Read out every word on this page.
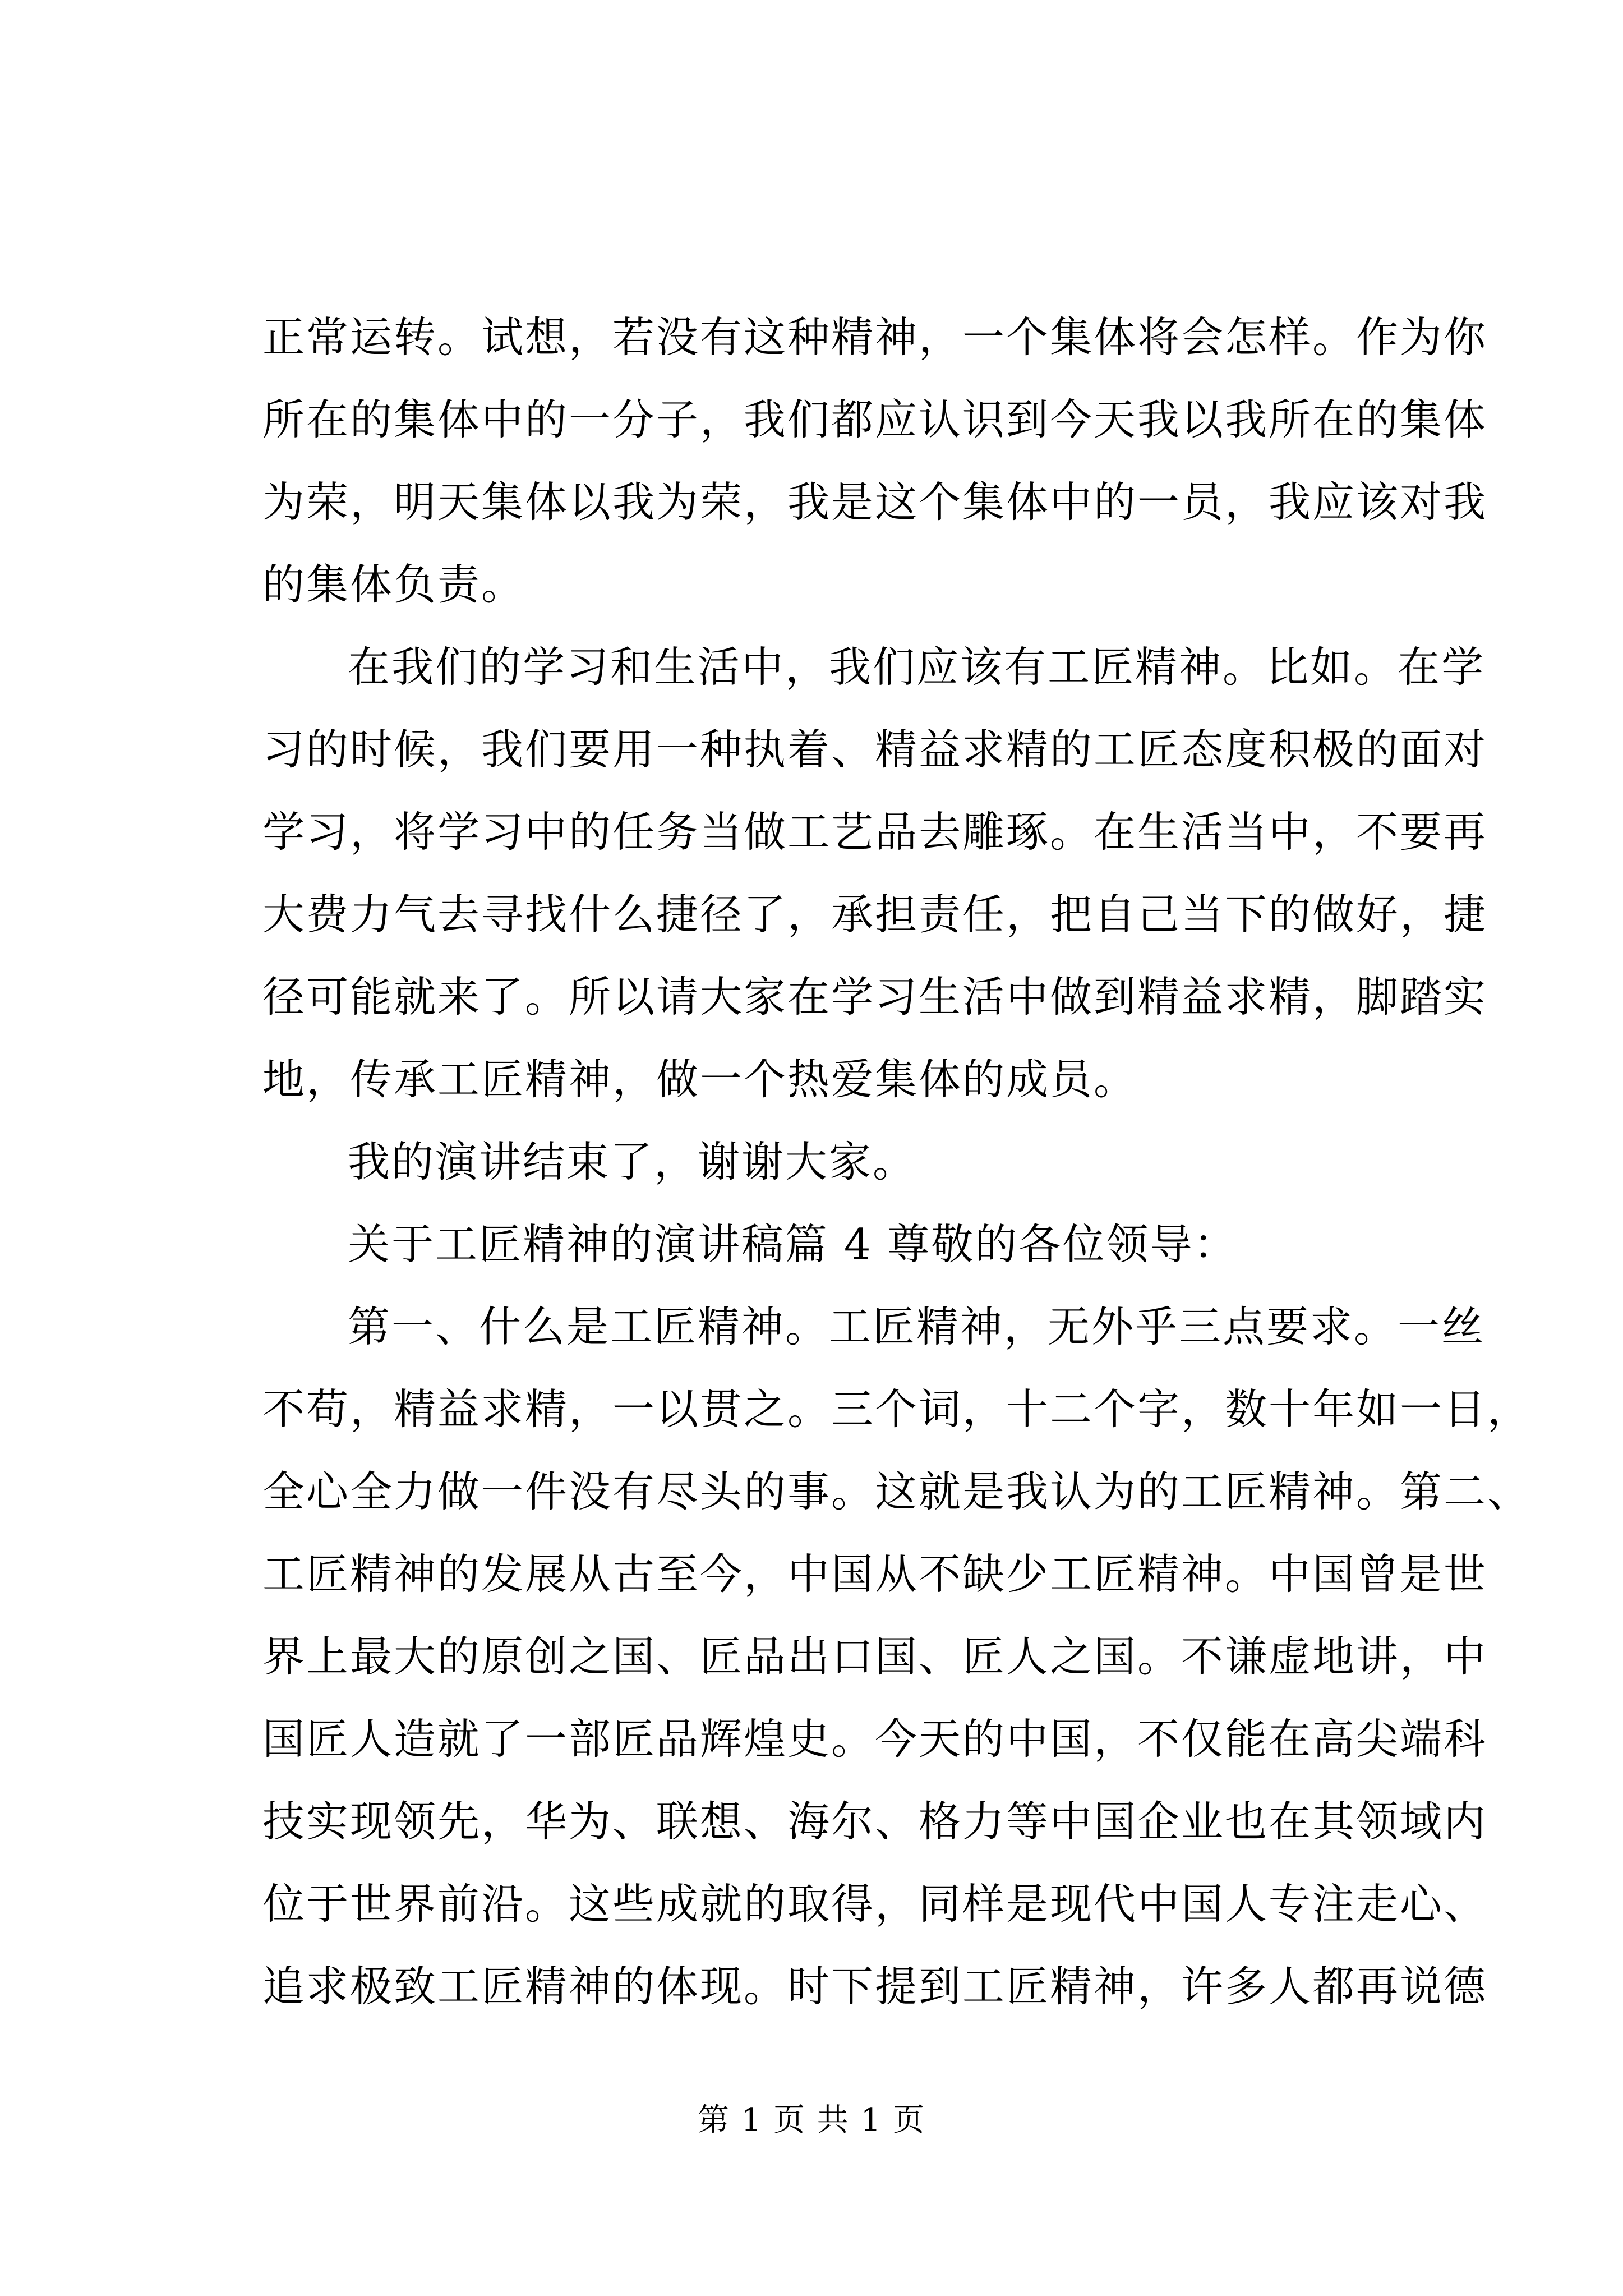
正常运转。试想，若没有这种精神，一个集体将会怎样。作为你
所在的集体中的一分子，我们都应认识到今天我以我所在的集体
为荣，明天集体以我为荣，我是这个集体中的一员，我应该对我
的集体负责。
在我们的学习和生活中，我们应该有工匠精神。比如。在学
习的时候，我们要用一种执着、精益求精的工匠态度积极的面对
学习，将学习中的任务当做工艺品去雕琢。在生活当中，不要再
大费力气去寻找什么捷径了，承担责任，把自己当下的做好，捷
径可能就来了。所以请大家在学习生活中做到精益求精，脚踏实
地，传承工匠精神，做一个热爱集体的成员。
我的演讲结束了，谢谢大家。
关于工匠精神的演讲稿篇 4 尊敬的各位领导：
第一、什么是工匠精神。工匠精神，无外乎三点要求。一丝
不苟，精益求精，一以贯之。三个词，十二个字，数十年如一日，
全心全力做一件没有尽头的事。这就是我认为的工匠精神。第二、
工匠精神的发展从古至今，中国从不缺少工匠精神。中国曾是世
界上最大的原创之国、匠品出口国、匠人之国。不谦虚地讲，中
国匠人造就了一部匠品辉煌史。今天的中国，不仅能在高尖端科
技实现领先，华为、联想、海尔、格力等中国企业也在其领域内
位于世界前沿。这些成就的取得，同样是现代中国人专注走心、
追求极致工匠精神的体现。时下提到工匠精神，许多人都再说德
第 1 页 共 1 页
